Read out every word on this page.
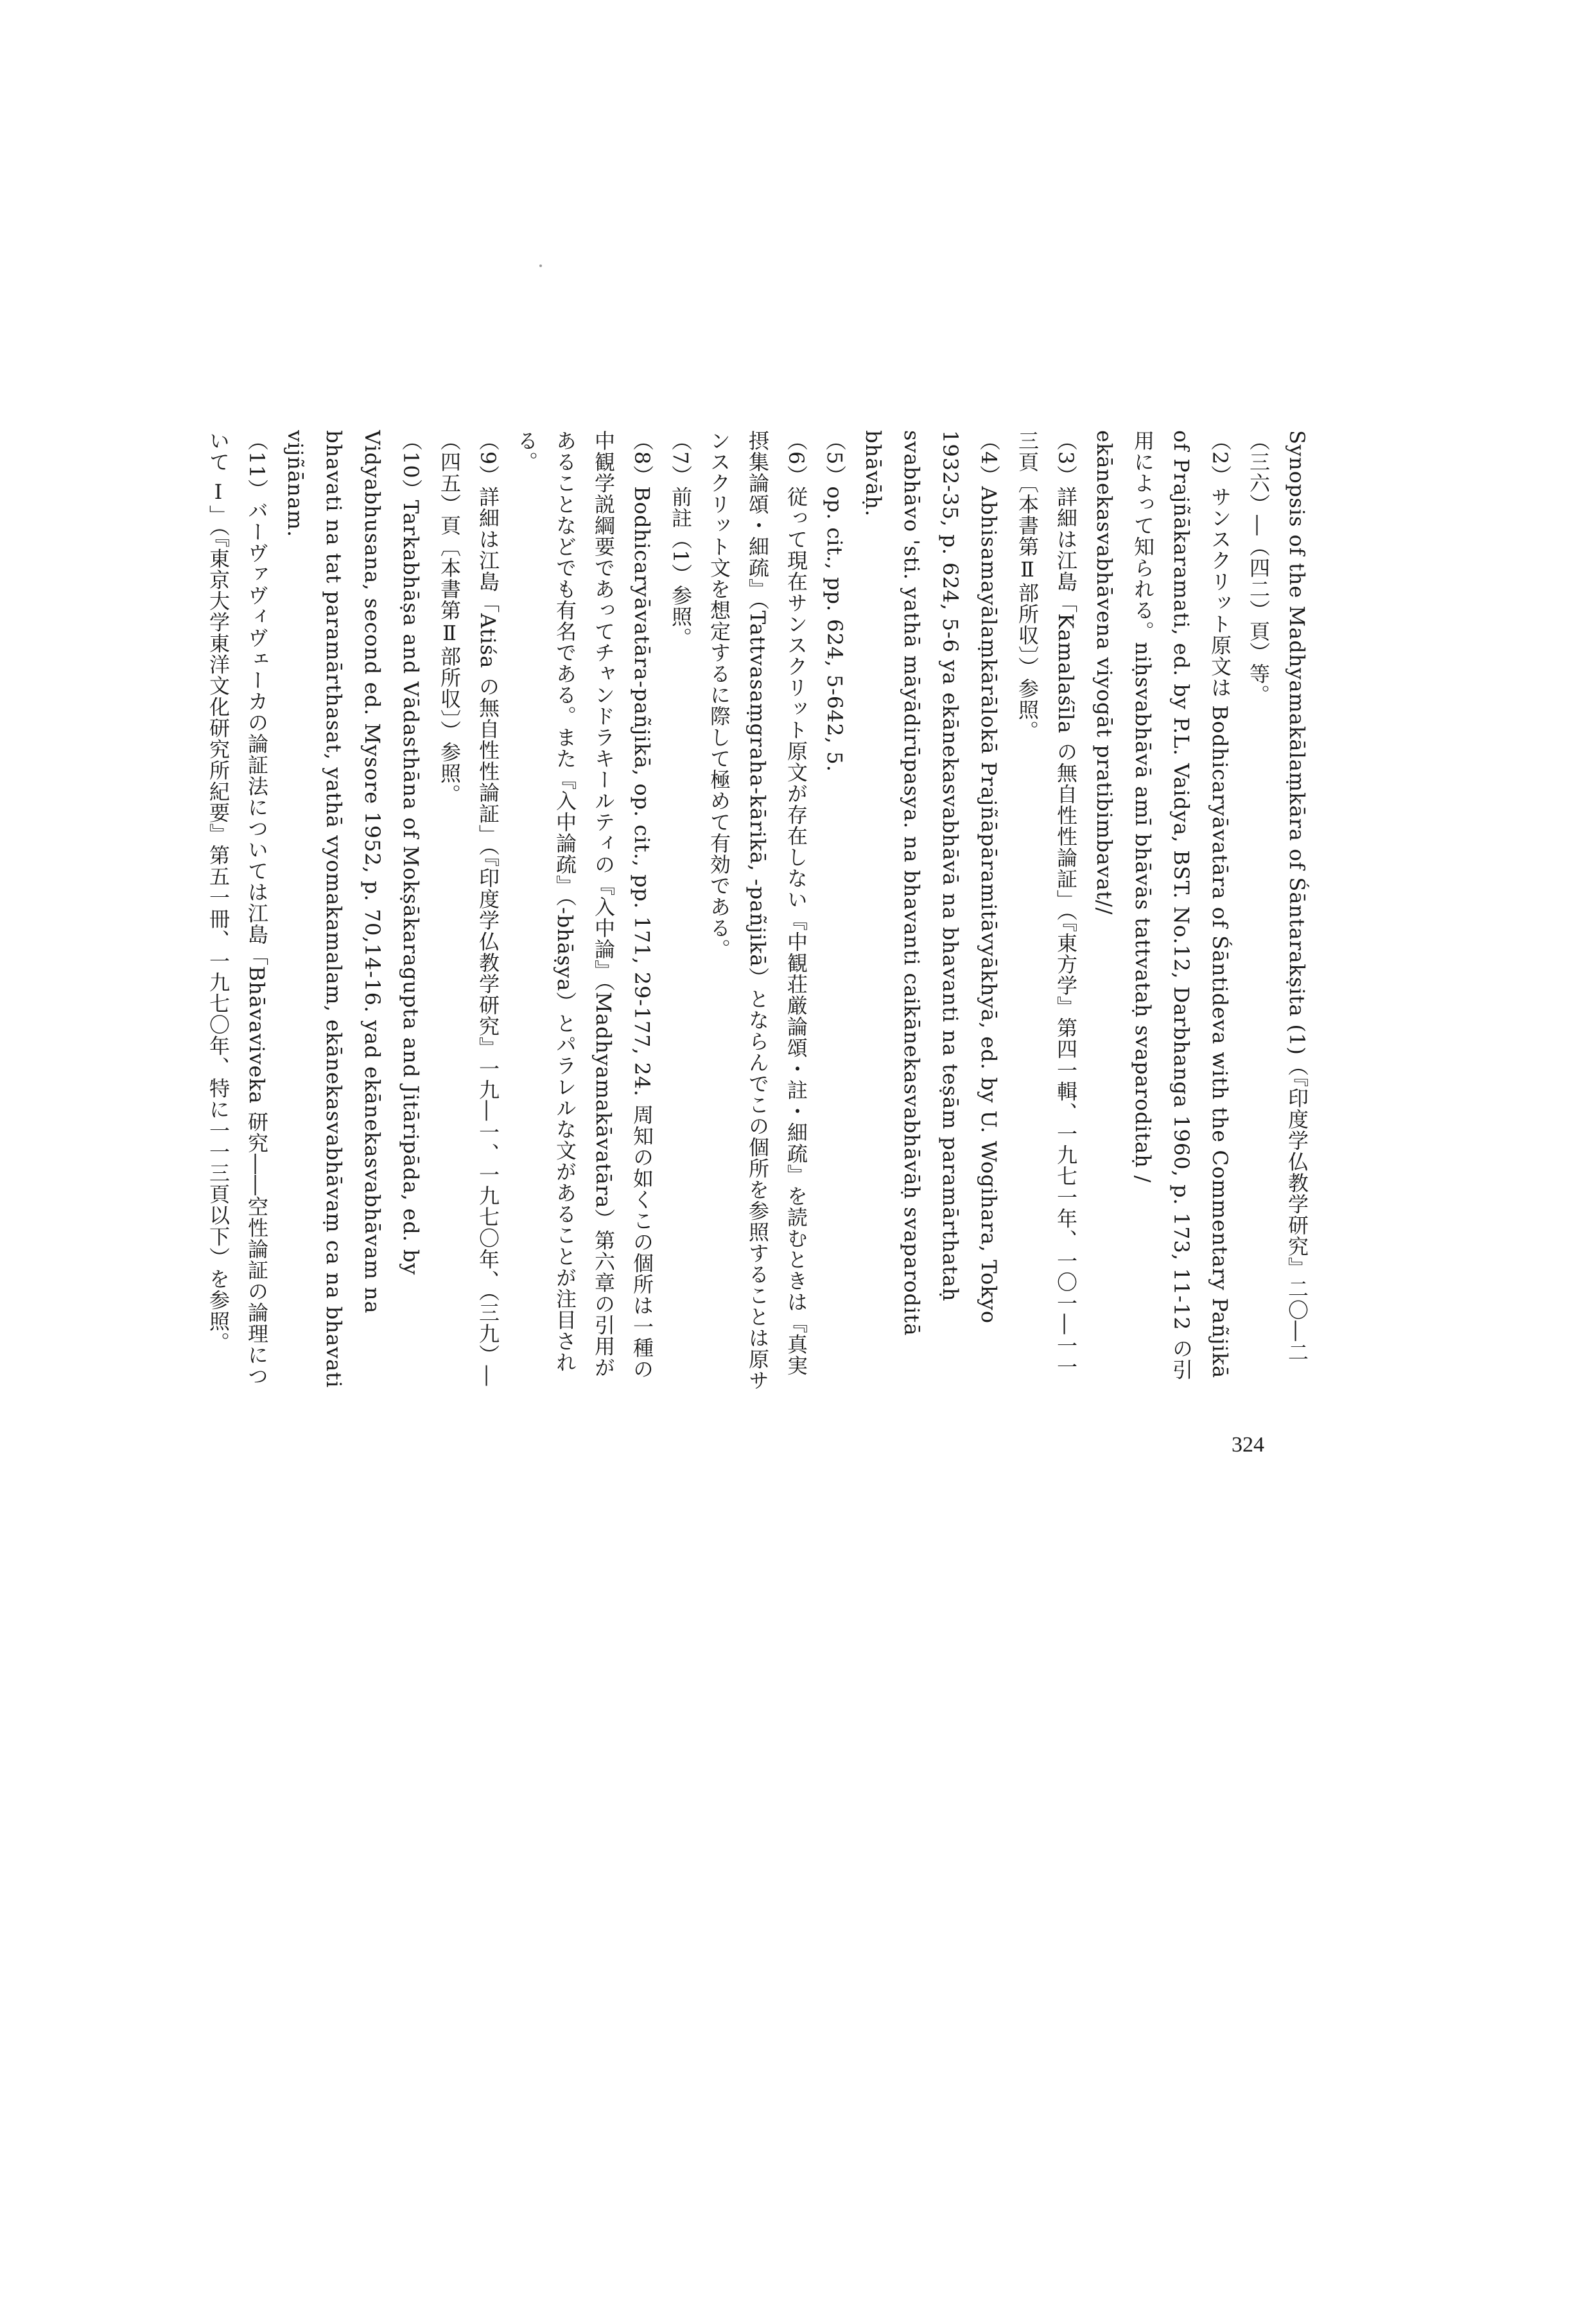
Synopsis of the Madhyamakālaṃkāra of Śāntarakṣita (1)（『印度学仏教学研究』二〇―二（三六）―（四二）頁）等。

（2）サンスクリット原文は Bodhicaryāvatāra of Śāntideva with the Commentary Pañjikā of Prajñākaramati, ed. by P.L. Vaidya, BST. No.12, Darbhanga 1960, p. 173, 11-12 の引用によって知られる。niḥsvabhāvā amī bhāvās tattvataḥ svaparoditaḥ / ekānekasvabhāvena viyogāt pratibimbavat//

（3）詳細は江島「Kamalaśīla の無自性性論証」（『東方学』第四一輯、一九七一年、一〇一―一一三頁〔本書第Ⅱ部所収〕）参照。

（4）Abhisamayālaṃkārālokā Prajñāpāramitāvyākhyā, ed. by U. Wogihara, Tokyo 1932-35, p. 624, 5-6 ya ekānekasvabhāvā na bhavanti na teṣām paramārthataḥ svabhāvo 'sti. yathā māyādirūpasya. na bhavanti caikānekasvabhāvāḥ svaparoditā bhāvāḥ.

（5）op. cit., pp. 624, 5-642, 5.

（6）従って現在サンスクリット原文が存在しない『中観荘厳論頌・註・細疏』を読むときは『真実摂集論頌・細疏』（Tattvasaṃgraha-kārikā, -pañjikā）とならんでこの個所を参照することは原サンスクリット文を想定するに際して極めて有効である。

（7）前註（1）参照。

（8）Bodhicaryāvatāra-pañjikā, op. cit., pp. 171, 29-177, 24. 周知の如くこの個所は一種の中観学説綱要であってチャンドラキールティの『入中論』（Madhyamakāvatāra）第六章の引用があることなどでも有名である。また『入中論疏』（-bhāṣya）とパラレルな文があることが注目される。

（9）詳細は江島「Atiśa の無自性性論証」（『印度学仏教学研究』一九―一、一九七〇年、（三九）―（四五）頁〔本書第Ⅱ部所収〕）参照。

（10）Tarkabhāṣa and Vādasthāna of Mokṣākaragupta and Jitāripāda, ed. by Vidyabhusana, second ed. Mysore 1952, p. 70,14-16. yad ekānekasvabhāvam na bhavati na tat paramārthasat, yathā vyomakamalam, ekānekasvabhāvaṃ ca na bhavati vijñānam.

（11）バーヴァヴィヴェーカの論証法については江島「Bhāvaviveka 研究――空性論証の論理について Ⅰ」（『東京大学東洋文化研究所紀要』第五一冊、一九七〇年、特に一一三頁以下）を参照。

324
